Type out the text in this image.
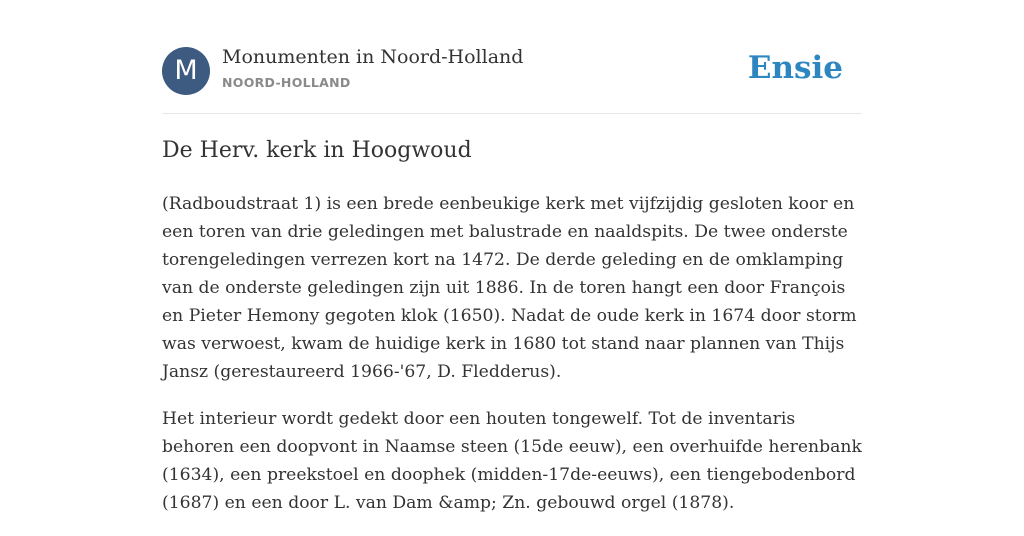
M	Monumenten in Noord-Holland
NOORD-HOLLAND	Ensie
De Herv. kerk in Hoogwoud

(Radboudstraat 1) is een brede eenbeukige kerk met vijfzijdig gesloten koor en een toren van drie geledingen met balustrade en naaldspits. De twee onderste torengeledingen verrezen kort na 1472. De derde geleding en de omklamping van de onderste geledingen zijn uit 1886. In de toren hangt een door François en Pieter Hemony gegoten klok (1650). Nadat de oude kerk in 1674 door storm was verwoest, kwam de huidige kerk in 1680 tot stand naar plannen van Thijs Jansz (gerestaureerd 1966-'67, D. Fledderus).

Het interieur wordt gedekt door een houten tongewelf. Tot de inventaris behoren een doopvont in Naamse steen (15de eeuw), een overhuifde herenbank (1634), een preekstoel en doophek (midden-17de-eeuws), een tiengebodenbord (1687) en een door L. van Dam &amp; Zn. gebouwd orgel (1878).
